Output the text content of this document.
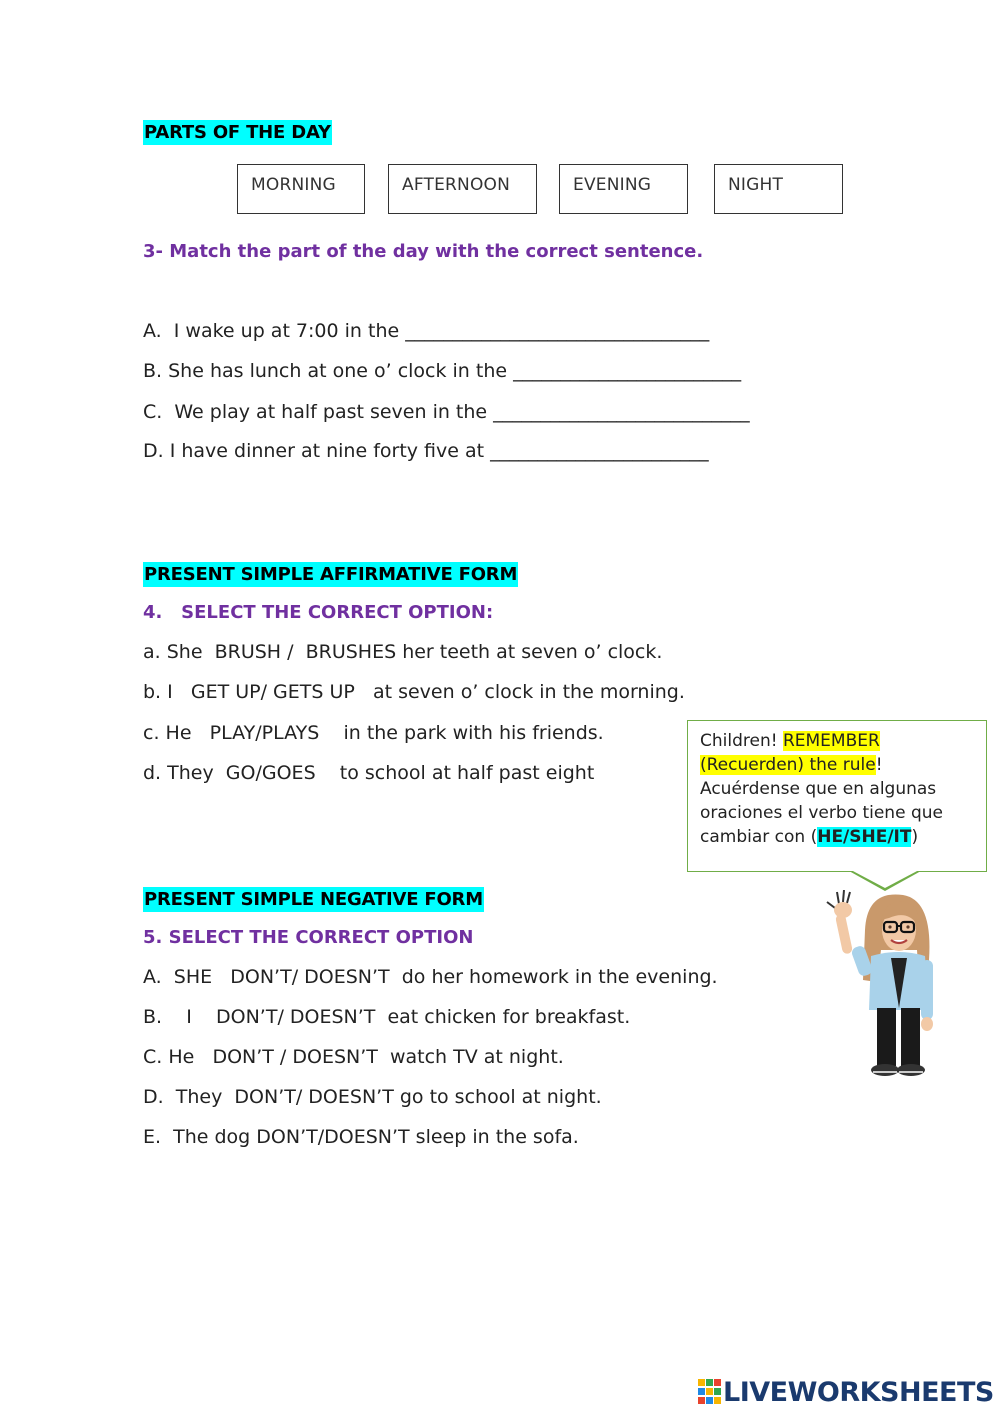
PARTS OF THE DAY
MORNING	AFTERNOON	EVENING	NIGHT
3- Match the part of the day with the correct sentence.
A.  I wake up at 7:00 in the ________________________________
B. She has lunch at one o’ clock in the ________________________
C.  We play at half past seven in the ___________________________
D. I have dinner at nine forty five at _______________________
PRESENT SIMPLE AFFIRMATIVE FORM
4.   SELECT THE CORRECT OPTION:
a. She  BRUSH /  BRUSHES her teeth at seven o’ clock.
b. I   GET UP/ GETS UP   at seven o’ clock in the morning.
c. He   PLAY/PLAYS    in the park with his friends.
d. They  GO/GOES    to school at half past eight
Children! REMEMBER (Recuerden) the rule! Acuérdense que en algunas oraciones el verbo tiene que cambiar con (HE/SHE/IT)
PRESENT SIMPLE NEGATIVE FORM
5. SELECT THE CORRECT OPTION
A.  SHE   DON’T/ DOESN’T  do her homework in the evening.
B.    I    DON’T/ DOESN’T  eat chicken for breakfast.
C. He   DON’T / DOESN’T  watch TV at night.
D.  They  DON’T/ DOESN’T go to school at night.
E.  The dog DON’T/DOESN’T sleep in the sofa.
LIVEWORKSHEETS
